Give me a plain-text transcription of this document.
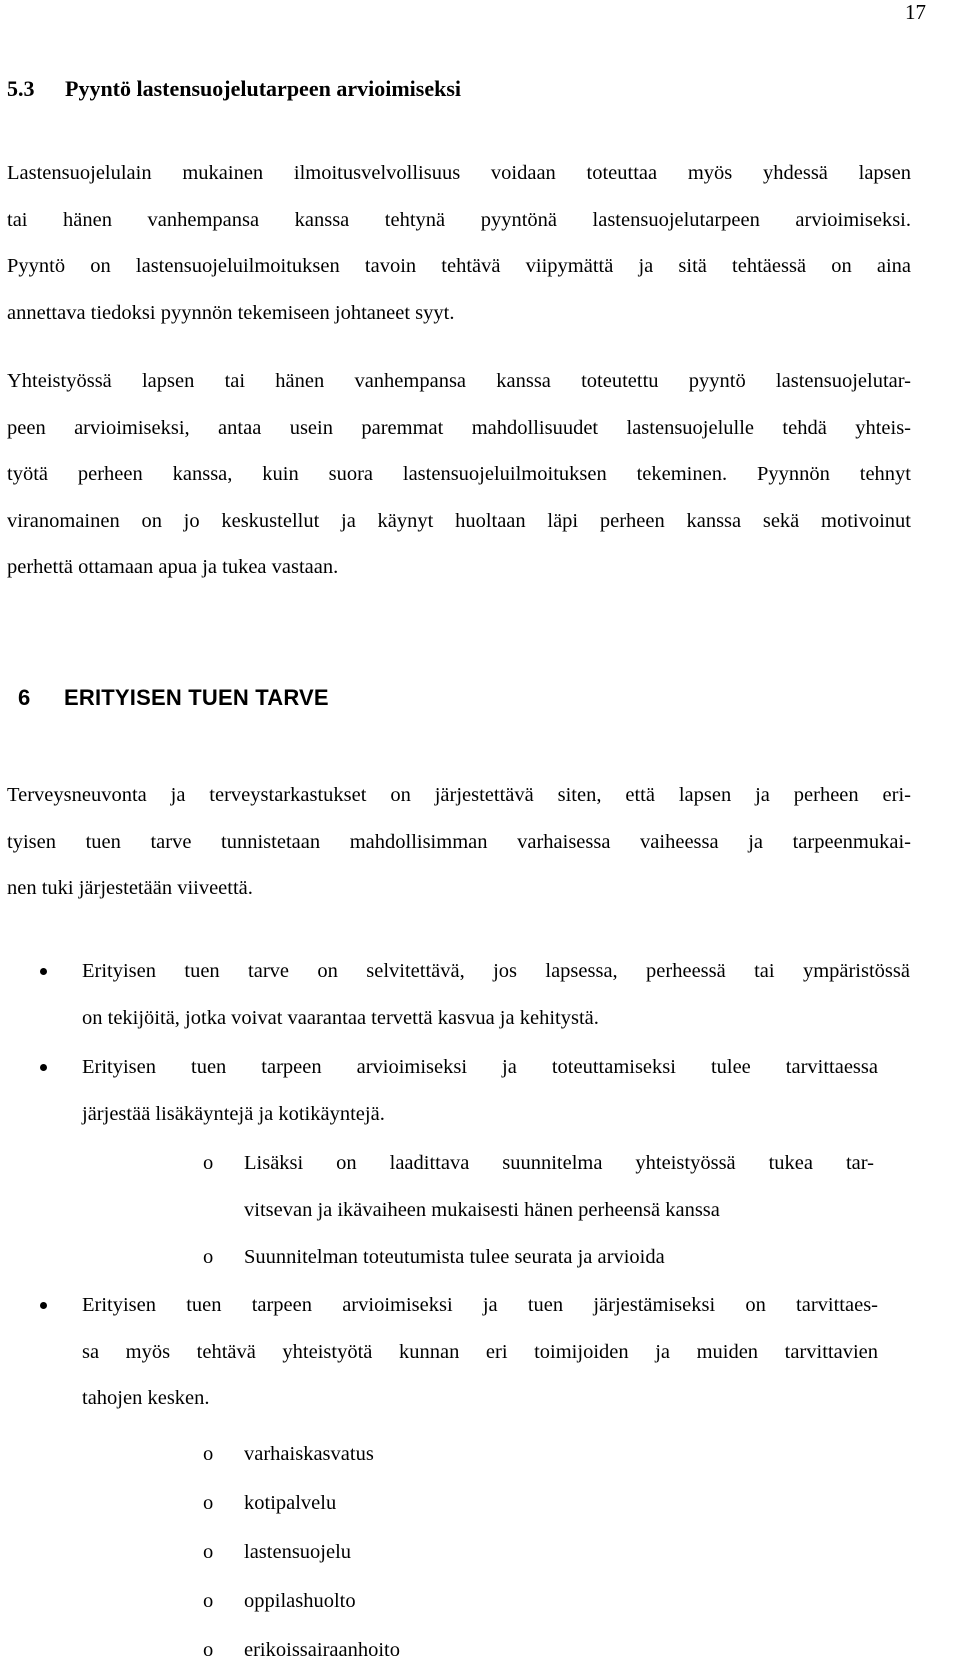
17
5.3 Pyyntö lastensuojelutarpeen arvioimiseksi
Lastensuojelulain mukainen ilmoitusvelvollisuus voidaan toteuttaa myös yhdessä lapsen
tai hänen vanhempansa kanssa tehtynä pyyntönä lastensuojelutarpeen arvioimiseksi.
Pyyntö on lastensuojeluilmoituksen tavoin tehtävä viipymättä ja sitä tehtäessä on aina
annettava tiedoksi pyynnön tekemiseen johtaneet syyt.
Yhteistyössä lapsen tai hänen vanhempansa kanssa toteutettu pyyntö lastensuojelutar-
peen arvioimiseksi, antaa usein paremmat mahdollisuudet lastensuojelulle tehdä yhteis-
työtä perheen kanssa, kuin suora lastensuojeluilmoituksen tekeminen. Pyynnön tehnyt
viranomainen on jo keskustellut ja käynyt huoltaan läpi perheen kanssa sekä motivoinut
perhettä ottamaan apua ja tukea vastaan.
6 ERITYISEN TUEN TARVE
Terveysneuvonta ja terveystarkastukset on järjestettävä siten, että lapsen ja perheen eri-
tyisen tuen tarve tunnistetaan mahdollisimman varhaisessa vaiheessa ja tarpeenmukai-
nen tuki järjestetään viiveettä.
Erityisen tuen tarve on selvitettävä, jos lapsessa, perheessä tai ympäristössä
on tekijöitä, jotka voivat vaarantaa tervettä kasvua ja kehitystä.
Erityisen tuen tarpeen arvioimiseksi ja toteuttamiseksi tulee tarvittaessa
järjestää lisäkäyntejä ja kotikäyntejä.
o Lisäksi on laadittava suunnitelma yhteistyössä tukea tar-
vitsevan ja ikävaiheen mukaisesti hänen perheensä kanssa
o Suunnitelman toteutumista tulee seurata ja arvioida
Erityisen tuen tarpeen arvioimiseksi ja tuen järjestämiseksi on tarvittaes-
sa myös tehtävä yhteistyötä kunnan eri toimijoiden ja muiden tarvittavien
tahojen kesken.
o varhaiskasvatus
o kotipalvelu
o lastensuojelu
o oppilashuolto
o erikoissairaanhoito
